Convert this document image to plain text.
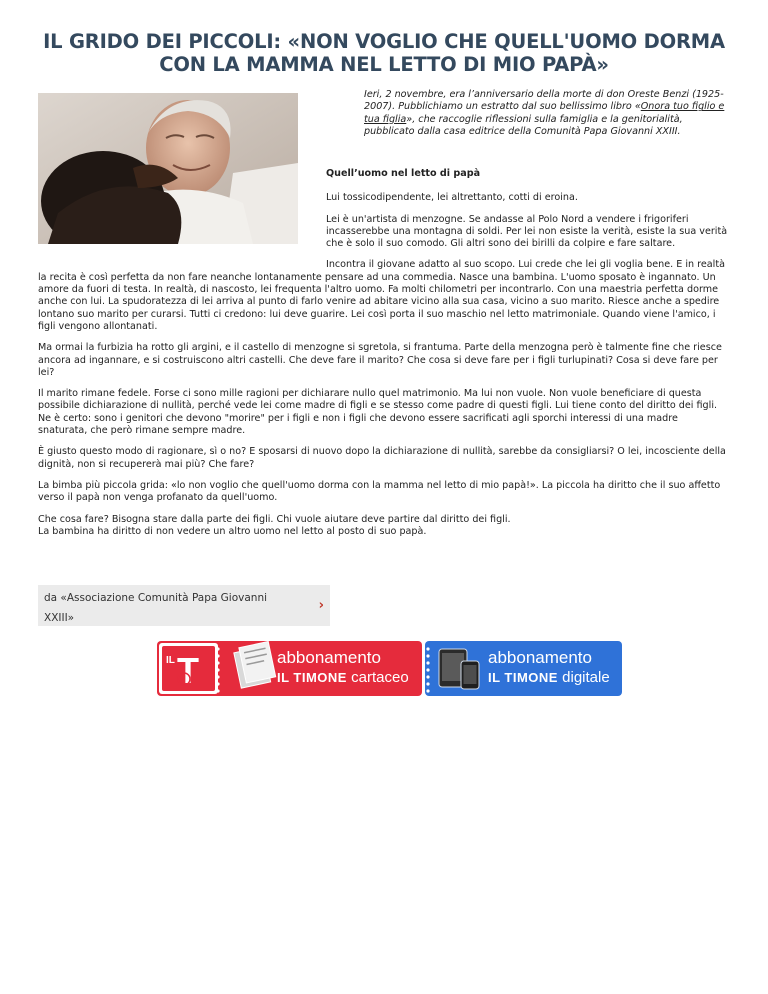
IL GRIDO DEI PICCOLI: «NON VOGLIO CHE QUELL'UOMO DORMA CON LA MAMMA NEL LETTO DI MIO PAPÀ»

Ieri, 2 novembre, era l’anniversario della morte di don Oreste Benzi (1925-2007). Pubblichiamo un estratto dal suo bellissimo libro «Onora tuo figlio e tua figlia», che raccoglie riflessioni sulla famiglia e la genitorialità, pubblicato dalla casa editrice della Comunità Papa Giovanni XXIII.

Quell’uomo nel letto di papà

Lui tossicodipendente, lei altrettanto, cotti di eroina.

Lei è un'artista di menzogne. Se andasse al Polo Nord a vendere i frigoriferi incasserebbe una montagna di soldi. Per lei non esiste la verità, esiste la sua verità che è solo il suo comodo. Gli altri sono dei birilli da colpire e fare saltare.

Incontra il giovane adatto al suo scopo. Lui crede che lei gli voglia bene. E in realtà la recita è così perfetta da non fare neanche lontanamente pensare ad una commedia. Nasce una bambina. L'uomo sposato è ingannato. Un amore da fuori di testa. In realtà, di nascosto, lei frequenta l'altro uomo. Fa molti chilometri per incontrarlo. Con una maestria perfetta dorme anche con lui. La spudoratezza di lei arriva al punto di farlo venire ad abitare vicino alla sua casa, vicino a suo marito. Riesce anche a spedire lontano suo marito per curarsi. Tutti ci credono: lui deve guarire. Lei così porta il suo maschio nel letto matrimoniale. Quando viene l'amico, i figli vengono allontanati.

Ma ormai la furbizia ha rotto gli argini, e il castello di menzogne si sgretola, si frantuma. Parte della menzogna però è talmente fine che riesce ancora ad ingannare, e si costruiscono altri castelli. Che deve fare il marito? Che cosa si deve fare per i figli turlupinati? Cosa si deve fare per lei?

Il marito rimane fedele. Forse ci sono mille ragioni per dichiarare nullo quel matrimonio. Ma lui non vuole. Non vuole beneficiare di questa possibile dichiarazione di nullità, perché vede lei come madre di figli e se stesso come padre di questi figli. Lui tiene conto del diritto dei figli. Ne è certo: sono i genitori che devono "morire" per i figli e non i figli che devono essere sacrificati agli sporchi interessi di una madre snaturata, che però rimane sempre madre.

È giusto questo modo di ragionare, sì o no? E sposarsi di nuovo dopo la dichiarazione di nullità, sarebbe da consigliarsi? O lei, incosciente della dignità, non si recupererà mai più? Che fare?

La bimba più piccola grida: «lo non voglio che quell'uomo dorma con la mamma nel letto di mio papà!». La piccola ha diritto che il suo affetto verso il papà non venga profanato da quell'uomo.

Che cosa fare? Bisogna stare dalla parte dei figli. Chi vuole aiutare deve partire dal diritto dei figli.

La bambina ha diritto di non vedere un altro uomo nel letto al posto di suo papà.

da «Associazione Comunità Papa Giovanni XXIII»
›
IL T	abbonamento
IL TIMONE cartaceo
abbonamento
IL TIMONE digitale
